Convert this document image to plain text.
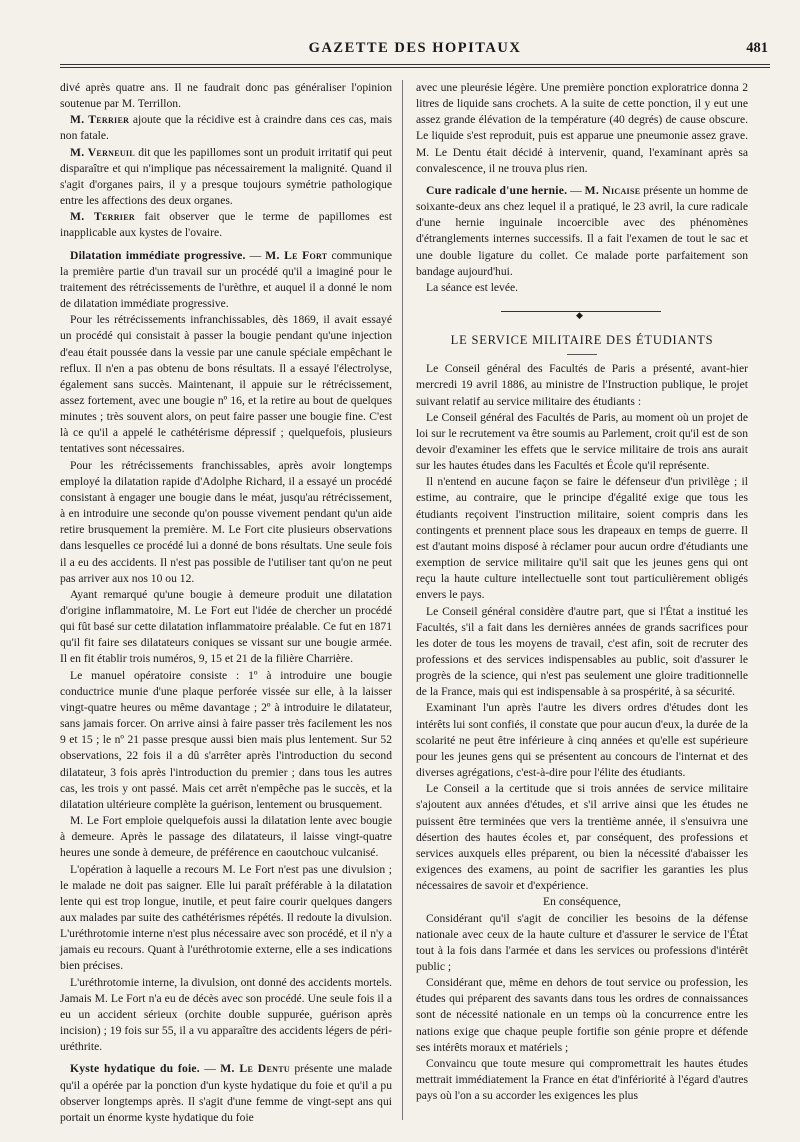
GAZETTE DES HOPITAUX	481

divé après quatre ans. Il ne faudrait donc pas généraliser l'opinion soutenue par M. Terrillon.

M. Terrier ajoute que la récidive est à craindre dans ces cas, mais non fatale.

M. Verneuil dit que les papillomes sont un produit irritatif qui peut disparaître et qui n'implique pas nécessairement la malignité. Quand il s'agit d'organes pairs, il y a presque toujours symétrie pathologique entre les affections des deux organes.

M. Terrier fait observer que le terme de papillomes est inapplicable aux kystes de l'ovaire.

Dilatation immédiate progressive. — M. Le Fort communique la première partie d'un travail sur un procédé qu'il a imaginé pour le traitement des rétrécissements de l'urèthre, et auquel il a donné le nom de dilatation immédiate progressive.

Pour les rétrécissements infranchissables, dès 1869, il avait essayé un procédé qui consistait à passer la bougie pendant qu'une injection d'eau était poussée dans la vessie par une canule spéciale empêchant le reflux. Il n'en a pas obtenu de bons résultats. Il a essayé l'électrolyse, également sans succès. Maintenant, il appuie sur le rétrécissement, assez fortement, avec une bougie nº 16, et la retire au bout de quelques minutes ; très souvent alors, on peut faire passer une bougie fine. C'est là ce qu'il a appelé le cathétérisme dépressif ; quelquefois, plusieurs tentatives sont nécessaires.

Pour les rétrécissements franchissables, après avoir longtemps employé la dilatation rapide d'Adolphe Richard, il a essayé un procédé consistant à engager une bougie dans le méat, jusqu'au rétrécissement, à en introduire une seconde qu'on pousse vivement pendant qu'un aide retire brusquement la première. M. Le Fort cite plusieurs observations dans lesquelles ce procédé lui a donné de bons résultats. Une seule fois il a eu des accidents. Il n'est pas possible de l'utiliser tant qu'on ne peut pas arriver aux nos 10 ou 12.

Ayant remarqué qu'une bougie à demeure produit une dilatation d'origine inflammatoire, M. Le Fort eut l'idée de chercher un procédé qui fût basé sur cette dilatation inflammatoire préalable. Ce fut en 1871 qu'il fit faire ses dilatateurs coniques se vissant sur une bougie armée. Il en fit établir trois numéros, 9, 15 et 21 de la filière Charrière.

Le manuel opératoire consiste : 1º à introduire une bougie conductrice munie d'une plaque perforée vissée sur elle, à la laisser vingt-quatre heures ou même davantage ; 2º à introduire le dilatateur, sans jamais forcer. On arrive ainsi à faire passer très facilement les nos 9 et 15 ; le nº 21 passe presque aussi bien mais plus lentement. Sur 52 observations, 22 fois il a dû s'arrêter après l'introduction du second dilatateur, 3 fois après l'introduction du premier ; dans tous les autres cas, les trois y ont passé. Mais cet arrêt n'empêche pas le succès, et la dilatation ultérieure complète la guérison, lentement ou brusquement.

M. Le Fort emploie quelquefois aussi la dilatation lente avec bougie à demeure. Après le passage des dilatateurs, il laisse vingt-quatre heures une sonde à demeure, de préférence en caoutchouc vulcanisé.

L'opération à laquelle a recours M. Le Fort n'est pas une divulsion ; le malade ne doit pas saigner. Elle lui paraît préférable à la dilatation lente qui est trop longue, inutile, et peut faire courir quelques dangers aux malades par suite des cathétérismes répétés. Il redoute la divulsion. L'uréthrotomie interne n'est plus nécessaire avec son procédé, et il n'y a jamais eu recours. Quant à l'uréthrotomie externe, elle a ses indications bien précises.

L'uréthrotomie interne, la divulsion, ont donné des accidents mortels. Jamais M. Le Fort n'a eu de décès avec son procédé. Une seule fois il a eu un accident sérieux (orchite double suppurée, guérison après incision) ; 19 fois sur 55, il a vu apparaître des accidents légers de péri-uréthrite.

Kyste hydatique du foie. — M. Le Dentu présente une malade qu'il a opérée par la ponction d'un kyste hydatique du foie et qu'il a pu observer longtemps après. Il s'agit d'une femme de vingt-sept ans qui portait un énorme kyste hydatique du foie

avec une pleurésie légère. Une première ponction exploratrice donna 2 litres de liquide sans crochets. A la suite de cette ponction, il y eut une assez grande élévation de la température (40 degrés) de cause obscure. Le liquide s'est reproduit, puis est apparue une pneumonie assez grave. M. Le Dentu était décidé à intervenir, quand, l'examinant après sa convalescence, il ne trouva plus rien.

Cure radicale d'une hernie. — M. Nicaise présente un homme de soixante-deux ans chez lequel il a pratiqué, le 23 avril, la cure radicale d'une hernie inguinale incoercible avec des phénomènes d'étranglements internes successifs. Il a fait l'examen de tout le sac et une double ligature du collet. Ce malade porte parfaitement son bandage aujourd'hui.

La séance est levée.

◆
LE SERVICE MILITAIRE DES ÉTUDIANTS

Le Conseil général des Facultés de Paris a présenté, avant-hier mercredi 19 avril 1886, au ministre de l'Instruction publique, le projet suivant relatif au service militaire des étudiants :

Le Conseil général des Facultés de Paris, au moment où un projet de loi sur le recrutement va être soumis au Parlement, croit qu'il est de son devoir d'examiner les effets que le service militaire de trois ans aurait sur les hautes études dans les Facultés et École qu'il représente.

Il n'entend en aucune façon se faire le défenseur d'un privilège ; il estime, au contraire, que le principe d'égalité exige que tous les étudiants reçoivent l'instruction militaire, soient compris dans les contingents et prennent place sous les drapeaux en temps de guerre. Il est d'autant moins disposé à réclamer pour aucun ordre d'étudiants une exemption de service militaire qu'il sait que les jeunes gens qui ont reçu la haute culture intellectuelle sont tout particulièrement obligés envers le pays.

Le Conseil général considère d'autre part, que si l'État a institué les Facultés, s'il a fait dans les dernières années de grands sacrifices pour les doter de tous les moyens de travail, c'est afin, soit de recruter des professions et des services indispensables au public, soit d'assurer le progrès de la science, qui n'est pas seulement une gloire traditionnelle de la France, mais qui est indispensable à sa prospérité, à sa sécurité.

Examinant l'un après l'autre les divers ordres d'études dont les intérêts lui sont confiés, il constate que pour aucun d'eux, la durée de la scolarité ne peut être inférieure à cinq années et qu'elle est supérieure pour les jeunes gens qui se présentent au concours de l'internat et des diverses agrégations, c'est-à-dire pour l'élite des étudiants.

Le Conseil a la certitude que si trois années de service militaire s'ajoutent aux années d'études, et s'il arrive ainsi que les études ne puissent être terminées que vers la trentième année, il s'ensuivra une désertion des hautes écoles et, par conséquent, des professions et services auxquels elles préparent, ou bien la nécessité d'abaisser les exigences des examens, au point de sacrifier les garanties les plus nécessaires de savoir et d'expérience.

En conséquence,

Considérant qu'il s'agit de concilier les besoins de la défense nationale avec ceux de la haute culture et d'assurer le service de l'État tout à la fois dans l'armée et dans les services ou professions d'intérêt public ;

Considérant que, même en dehors de tout service ou profession, les études qui préparent des savants dans tous les ordres de connaissances sont de nécessité nationale en un temps où la concurrence entre les nations exige que chaque peuple fortifie son génie propre et défende ses intérêts moraux et matériels ;

Convaincu que toute mesure qui compromettrait les hautes études mettrait immédiatement la France en état d'infériorité à l'égard d'autres pays où l'on a su accorder les exigences les plus
